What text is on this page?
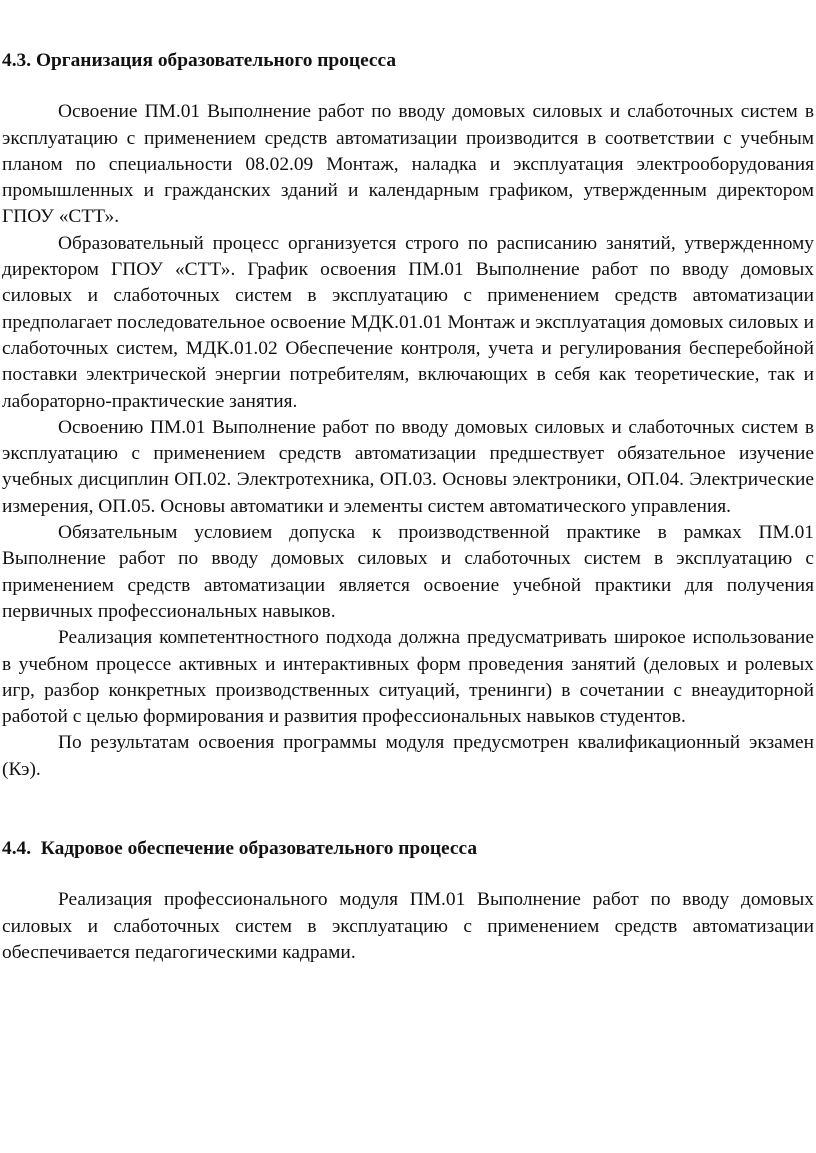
4.3. Организация образовательного процесса

Освоение ПМ.01 Выполнение работ по вводу домовых силовых и слаботочных систем в эксплуатацию с применением средств автоматизации производится в соответствии с учебным планом по специальности 08.02.09 Монтаж, наладка и эксплуатация электрооборудования промышленных и гражданских зданий и календарным графиком, утвержденным директором ГПОУ «СТТ».

Образовательный процесс организуется строго по расписанию занятий, утвержденному директором ГПОУ «СТТ». График освоения ПМ.01 Выполнение работ по вводу домовых силовых и слаботочных систем в эксплуатацию с применением средств автоматизации предполагает последовательное освоение МДК.01.01 Монтаж и эксплуатация домовых силовых и слаботочных систем, МДК.01.02 Обеспечение контроля, учета и регулирования бесперебойной поставки электрической энергии потребителям, включающих в себя как теоретические, так и лабораторно-практические занятия.

Освоению ПМ.01 Выполнение работ по вводу домовых силовых и слаботочных систем в эксплуатацию с применением средств автоматизации предшествует обязательное изучение учебных дисциплин ОП.02. Электротехника, ОП.03. Основы электроники, ОП.04. Электрические измерения, ОП.05. Основы автоматики и элементы систем автоматического управления.

Обязательным условием допуска к производственной практике в рамках ПМ.01 Выполнение работ по вводу домовых силовых и слаботочных систем в эксплуатацию с применением средств автоматизации является освоение учебной практики для получения первичных профессиональных навыков.

Реализация компетентностного подхода должна предусматривать широкое использование в учебном процессе активных и интерактивных форм проведения занятий (деловых и ролевых игр, разбор конкретных производственных ситуаций, тренинги) в сочетании с внеаудиторной работой с целью формирования и развития профессиональных навыков студентов.

По результатам освоения программы модуля предусмотрен квалификационный экзамен (Кэ).

4.4. Кадровое обеспечение образовательного процесса

Реализация профессионального модуля ПМ.01 Выполнение работ по вводу домовых силовых и слаботочных систем в эксплуатацию с применением средств автоматизации обеспечивается педагогическими кадрами.
